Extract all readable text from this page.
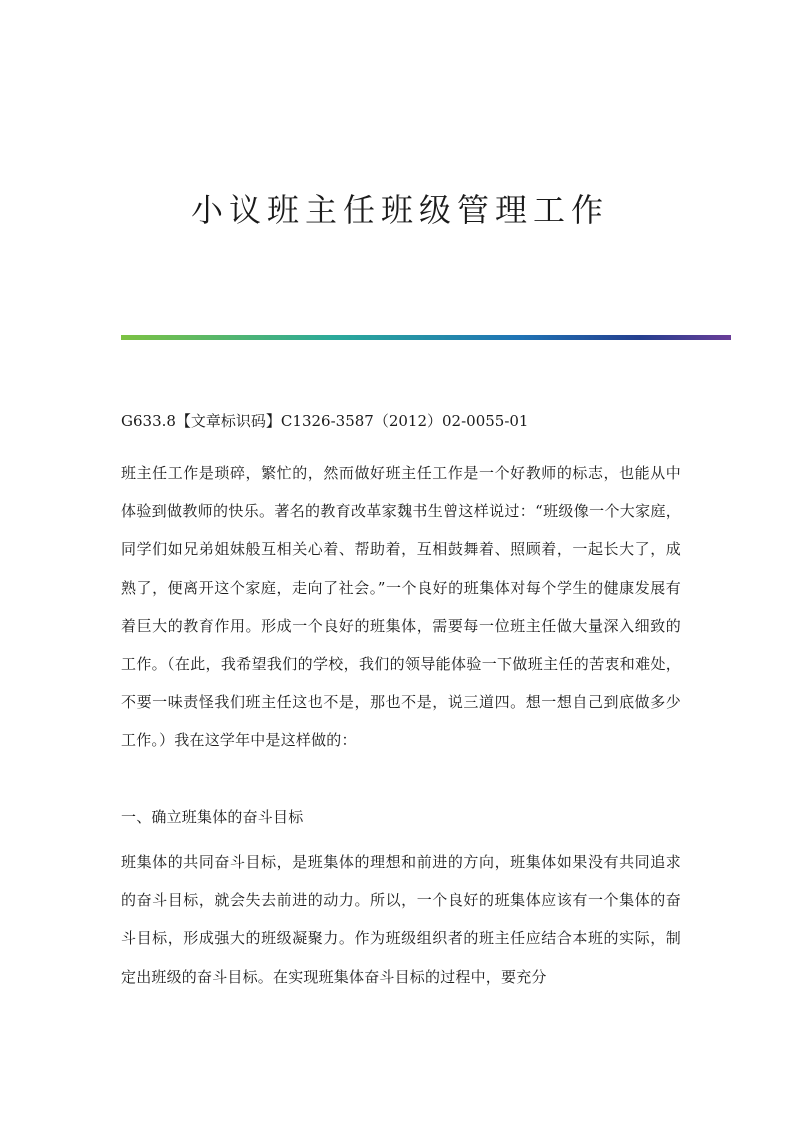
小议班主任班级管理工作
G633.8【文章标识码】C1326-3587（2012）02-0055-01

班主任工作是琐碎，繁忙的，然而做好班主任工作是一个好教师的标志，也能从中体验到做教师的快乐。著名的教育改革家魏书生曾这样说过：“班级像一个大家庭，同学们如兄弟姐妹般互相关心着、帮助着，互相鼓舞着、照顾着，一起长大了，成熟了，便离开这个家庭，走向了社会。”一个良好的班集体对每个学生的健康发展有着巨大的教育作用。形成一个良好的班集体，需要每一位班主任做大量深入细致的工作。（在此，我希望我们的学校，我们的领导能体验一下做班主任的苦衷和难处，不要一味责怪我们班主任这也不是，那也不是，说三道四。想一想自己到底做多少工作。）我在这学年中是这样做的：

一、确立班集体的奋斗目标

班集体的共同奋斗目标，是班集体的理想和前进的方向，班集体如果没有共同追求的奋斗目标，就会失去前进的动力。所以，一个良好的班集体应该有一个集体的奋斗目标，形成强大的班级凝聚力。作为班级组织者的班主任应结合本班的实际，制定出班级的奋斗目标。在实现班集体奋斗目标的过程中，要充分
